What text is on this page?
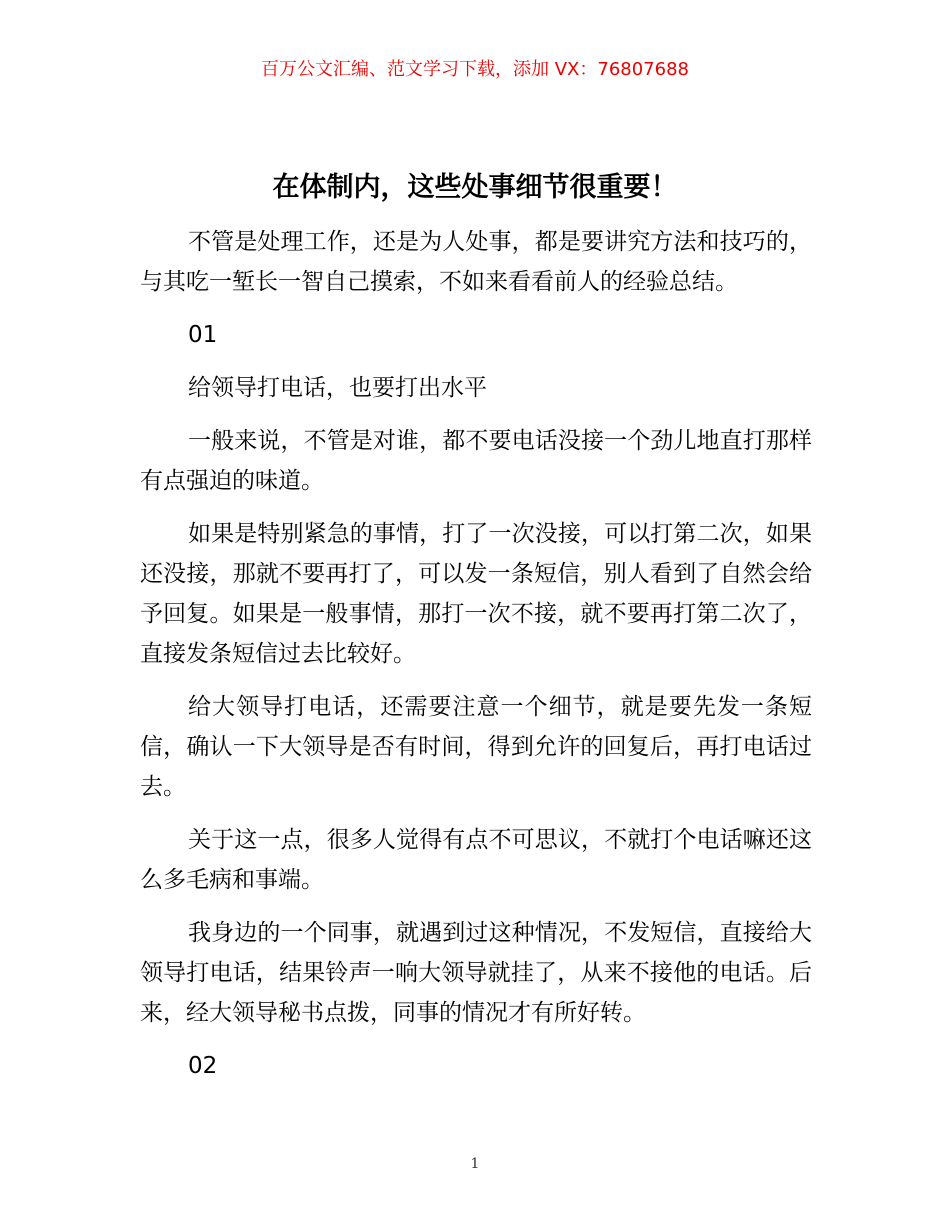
百万公文汇编、范文学习下载，添加 VX：76807688
在体制内，这些处事细节很重要！

不管是处理工作，还是为人处事，都是要讲究方法和技巧的，与其吃一堑长一智自己摸索，不如来看看前人的经验总结。

01

给领导打电话，也要打出水平

一般来说，不管是对谁，都不要电话没接一个劲儿地直打那样有点强迫的味道。

如果是特别紧急的事情，打了一次没接，可以打第二次，如果还没接，那就不要再打了，可以发一条短信，别人看到了自然会给予回复。如果是一般事情，那打一次不接，就不要再打第二次了，直接发条短信过去比较好。

给大领导打电话，还需要注意一个细节，就是要先发一条短信，确认一下大领导是否有时间，得到允许的回复后，再打电话过去。

关于这一点，很多人觉得有点不可思议，不就打个电话嘛还这么多毛病和事端。

我身边的一个同事，就遇到过这种情况，不发短信，直接给大领导打电话，结果铃声一响大领导就挂了，从来不接他的电话。后来，经大领导秘书点拨，同事的情况才有所好转。

02

1
